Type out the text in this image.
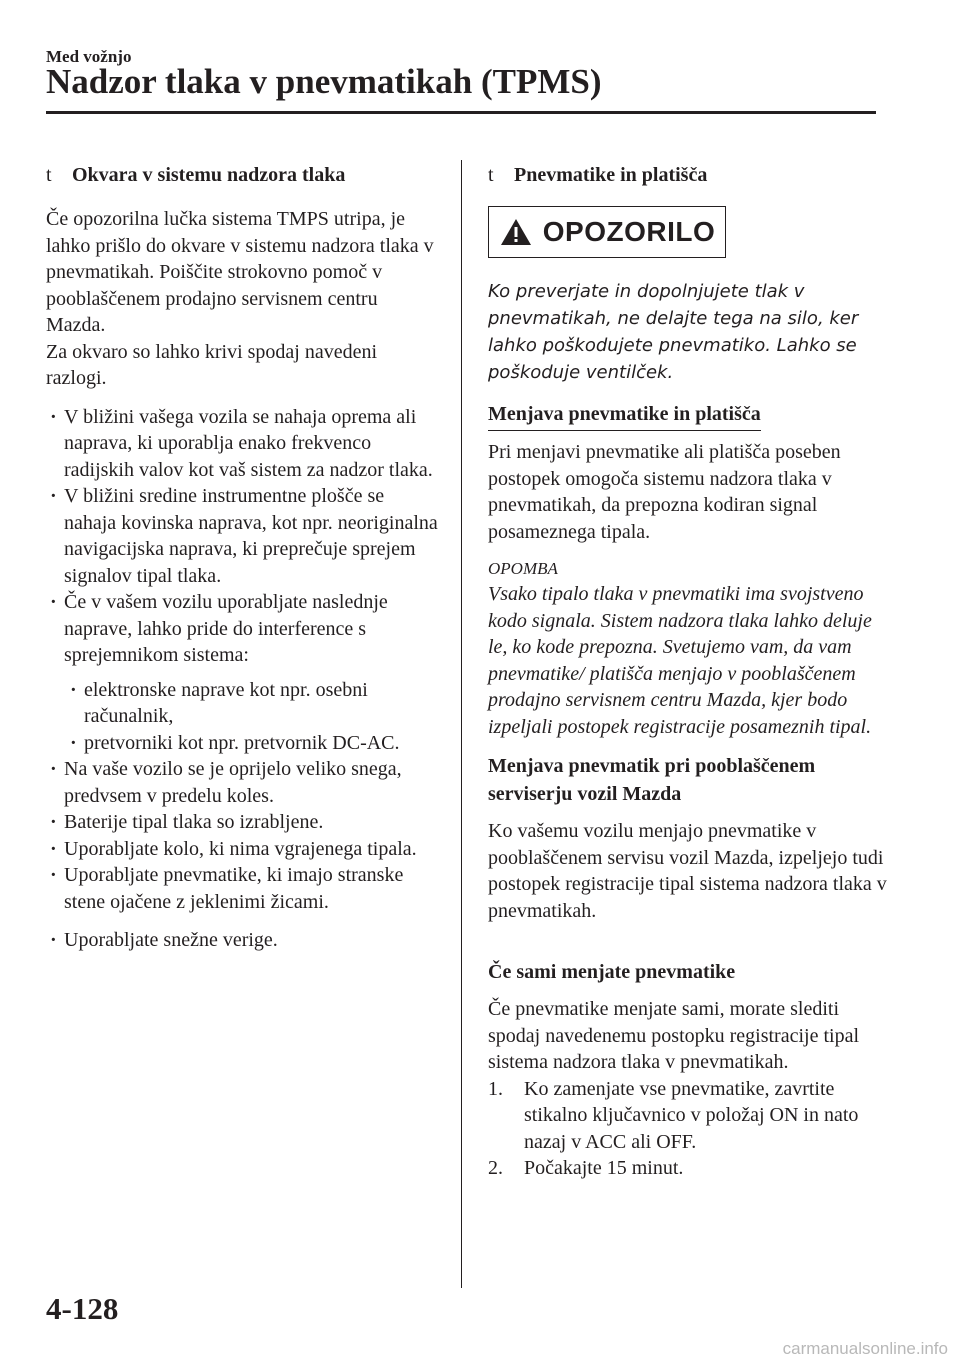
Med vožnjo

Nadzor tlaka v pnevmatikah (TPMS)
t	Okvara v sistemu nadzora tlaka

Če opozorilna lučka sistema TMPS utripa, je lahko prišlo do okvare v sistemu nadzora tlaka v pnevmatikah. Poiščite strokovno pomoč v pooblaščenem prodajno servisnem centru Mazda.

Za okvaro so lahko krivi spodaj navedeni razlogi.

· V bližini vašega vozila se nahaja oprema ali naprava, ki uporablja enako frekvenco radijskih valov kot vaš sistem za nadzor tlaka.
· V bližini sredine instrumentne plošče se nahaja kovinska naprava, kot npr. neoriginalna navigacijska naprava, ki preprečuje sprejem signalov tipal tlaka.
· Če v vašem vozilu uporabljate naslednje naprave, lahko pride do interference s sprejemnikom sistema:
· elektronske naprave kot npr. osebni računalnik,
· pretvorniki kot npr. pretvornik DC-AC.
· Na vaše vozilo se je oprijelo veliko snega, predvsem v predelu koles.
· Baterije tipal tlaka so izrabljene.
· Uporabljate kolo, ki nima vgrajenega tipala.
· Uporabljate pnevmatike, ki imajo stranske stene ojačene z jeklenimi žicami.
· Uporabljate snežne verige.
t	Pnevmatike in platišča
OPOZORILO

Ko preverjate in dopolnjujete tlak v pnevmatikah, ne delajte tega na silo, ker lahko poškodujete pnevmatiko. Lahko se poškoduje ventilček.

Menjava pnevmatike in platišča

Pri menjavi pnevmatike ali platišča poseben postopek omogoča sistemu nadzora tlaka v pnevmatikah, da prepozna kodiran signal posameznega tipala.

OPOMBA

Vsako tipalo tlaka v pnevmatiki ima svojstveno kodo signala. Sistem nadzora tlaka lahko deluje le, ko kode prepozna. Svetujemo vam, da vam pnevmatike/ platišča menjajo v pooblaščenem prodajno servisnem centru Mazda, kjer bodo izpeljali postopek registracije posameznih tipal.

Menjava pnevmatik pri pooblaščenem serviserju vozil Mazda

Ko vašemu vozilu menjajo pnevmatike v pooblaščenem servisu vozil Mazda, izpeljejo tudi postopek registracije tipal sistema nadzora tlaka v pnevmatikah.

Če sami menjate pnevmatike

Če pnevmatike menjate sami, morate slediti spodaj navedenemu postopku registracije tipal sistema nadzora tlaka v pnevmatikah.

1. Ko zamenjate vse pnevmatike, zavrtite stikalno ključavnico v položaj ON in nato nazaj v ACC ali OFF.
2. Počakajte 15 minut.

4-128

carmanualsonline.info
